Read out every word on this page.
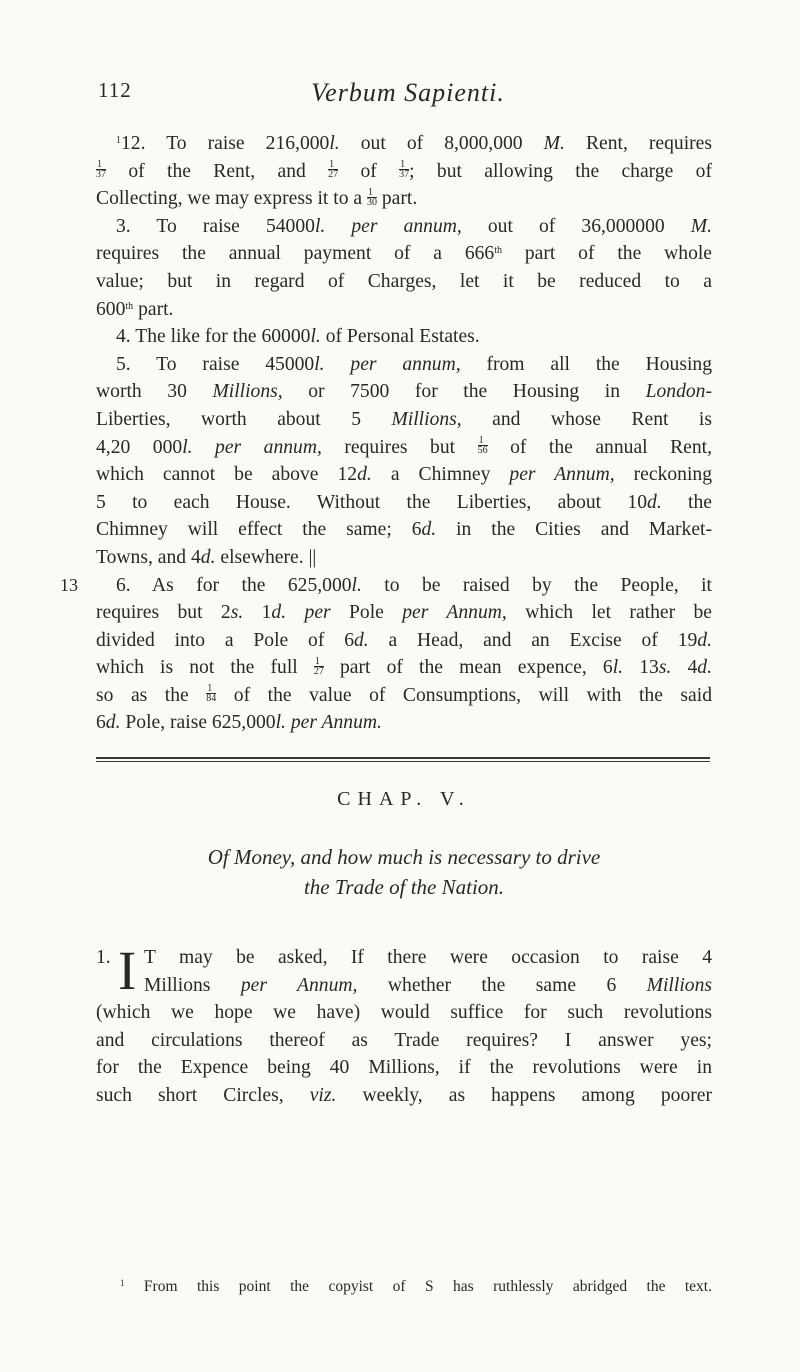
112	Verbum Sapienti.
$^1$12. To raise 216,000l. out of 8,000,000 M. Rent, requires
$\frac{1}{37}$ of the Rent, and $\frac{1}{27}$ of $\frac{1}{37}$ ; but allowing the charge of
Collecting, we may express it to a $\frac{1}{30}$ part.
3. To raise 54000l. per annum, out of 36,000000 M.
requires the annual payment of a 666th part of the whole
value; but in regard of Charges, let it be reduced to a
600th part.
4. The like for the 60000l. of Personal Estates.
5. To raise 45000l. per annum, from all the Housing
worth 30 Millions, or 7500 for the Housing in London-
Liberties, worth about 5 Millions, and whose Rent is
4,20 000l. per annum, requires but $\frac{1}{56}$ of the annual Rent,
which cannot be above 12d. a Chimney per Annum, reckoning
5 to each House. Without the Liberties, about 10d. the
Chimney will effect the same; 6d. in the Cities and Market-
Towns, and 4d. elsewhere. ||
13 6. As for the 625,000l. to be raised by the People, it
requires but 2s. 1d. per Pole per Annum, which let rather be
divided into a Pole of 6d. a Head, and an Excise of 19d.
which is not the full $\frac{1}{27}$ part of the mean expence, 6l. 13s. 4d.
so as the $\frac{1}{84}$ of the value of Consumptions, will with the said
6d. Pole, raise 625,000l. per Annum.
CHAP. V.
Of Money, and how much is necessary to drive
the Trade of the Nation.
I
1. T may be asked, If there were occasion to raise 4
Millions per Annum, whether the same 6 Millions
(which we hope we have) would suffice for such revolutions
and circulations thereof as Trade requires? I answer yes;
for the Expence being 40 Millions, if the revolutions were in
such short Circles, viz. weekly, as happens among poorer
$^1$ From this point the copyist of S has ruthlessly abridged the text.
